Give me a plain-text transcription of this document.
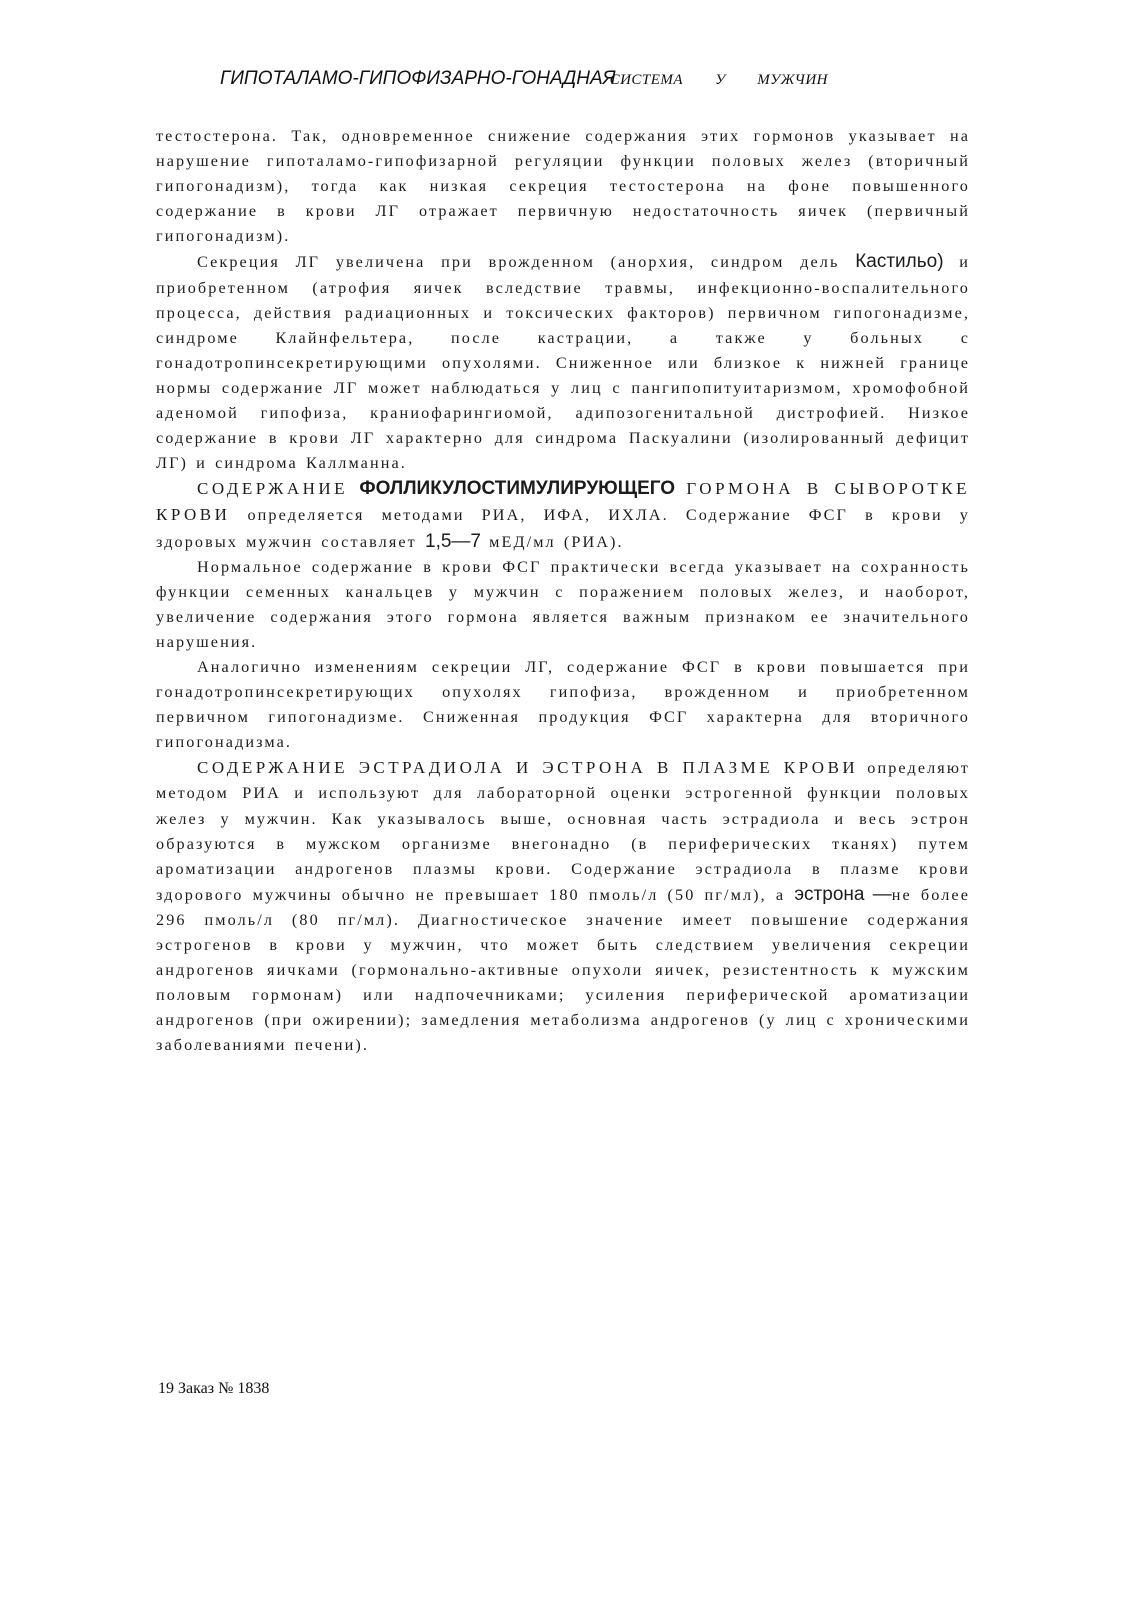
ГИПОТАЛАМО-ГИПОФИЗАРНО-ГОНАДНАЯСИСТЕМА У МУЖЧИН

тестостерона. Так, одновременное снижение содержания этих гормонов указывает на нарушение гипоталамо-гипофизарной регуляции функции половых желез (вторичный гипогонадизм), тогда как низкая секреция тестостерона на фоне повышенного содержание в крови ЛГ отражает первичную недостаточность яичек (первичный гипогонадизм).

Секреция ЛГ увеличена при врожденном (анорхия, синдром дель Кастильо) и приобретенном (атрофия яичек вследствие травмы, инфекционно-воспалительного процесса, действия радиационных и токсических факторов) первичном гипогонадизме, синдроме Клайнфельтера, после кастрации, а также у больных с гонадотропинсекретирующими опухолями. Сниженное или близкое к нижней границе нормы содержание ЛГ может наблюдаться у лиц с пангипопитуитаризмом, хромофобной аденомой гипофиза, краниофарингиомой, адипозогенитальной дистрофией. Низкое содержание в крови ЛГ характерно для синдрома Паскуалини (изолированный дефицит ЛГ) и синдрома Каллманна.

СОДЕРЖАНИЕ ФОЛЛИКУЛОСТИМУЛИРУЮЩЕГО ГОРМОНА В СЫВОРОТКЕ КРОВИ определяется методами РИА, ИФА, ИХЛА. Содержание ФСГ в крови у здоровых мужчин составляет 1,5—7 мЕД/мл (РИА).

Нормальное содержание в крови ФСГ практически всегда указывает на сохранность функции семенных канальцев у мужчин с поражением половых желез, и наоборот, увеличение содержания этого гормона является важным признаком ее значительного нарушения.

Аналогично изменениям секреции ЛГ, содержание ФСГ в крови повышается при гонадотропинсекретирующих опухолях гипофиза, врожденном и приобретенном первичном гипогонадизме. Сниженная продукция ФСГ характерна для вторичного гипогонадизма.

СОДЕРЖАНИЕ ЭСТРАДИОЛА И ЭСТРОНА В ПЛАЗМЕ КРОВИ определяют методом РИА и используют для лабораторной оценки эстрогенной функции половых желез у мужчин. Как указывалось выше, основная часть эстрадиола и весь эстрон образуются в мужском организме внегонадно (в периферических тканях) путем ароматизации андрогенов плазмы крови. Содержание эстрадиола в плазме крови здорового мужчины обычно не превышает 180 пмоль/л (50 пг/мл), а эстрона —не более 296 пмоль/л (80 пг/мл). Диагностическое значение имеет повышение содержания эстрогенов в крови у мужчин, что может быть следствием увеличения секреции андрогенов яичками (гормонально-активные опухоли яичек, резистентность к мужским половым гормонам) или надпочечниками; усиления периферической ароматизации андрогенов (при ожирении); замедления метаболизма андрогенов (у лиц с хроническими заболеваниями печени).

19 Заказ № 1838
